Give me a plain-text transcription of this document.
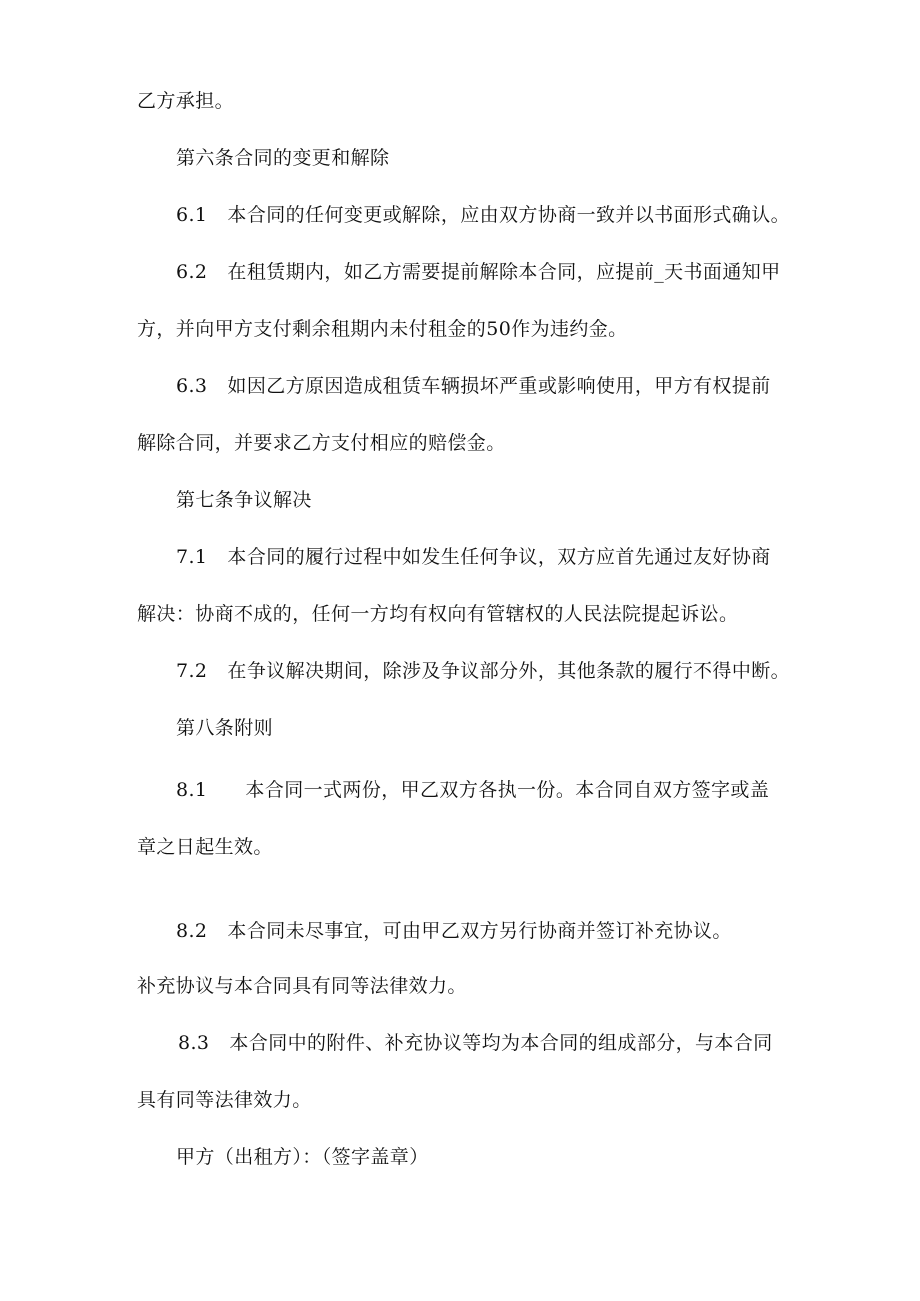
乙方承担。
第六条合同的变更和解除
6.1 本合同的任何变更或解除，应由双方协商一致并以书面形式确认。
6.2 在租赁期内，如乙方需要提前解除本合同，应提前_天书面通知甲
方，并向甲方支付剩余租期内未付租金的50作为违约金。
6.3 如因乙方原因造成租赁车辆损坏严重或影响使用，甲方有权提前
解除合同，并要求乙方支付相应的赔偿金。
第七条争议解决
7.1 本合同的履行过程中如发生任何争议，双方应首先通过友好协商
解决：协商不成的，任何一方均有权向有管辖权的人民法院提起诉讼。
7.2 在争议解决期间，除涉及争议部分外，其他条款的履行不得中断。
第八条附则
8.1 本合同一式两份，甲乙双方各执一份。本合同自双方签字或盖
章之日起生效。
8.2 本合同未尽事宜，可由甲乙双方另行协商并签订补充协议。
补充协议与本合同具有同等法律效力。
8.3 本合同中的附件、补充协议等均为本合同的组成部分，与本合同
具有同等法律效力。
甲方（出租方）：（签字盖章）
